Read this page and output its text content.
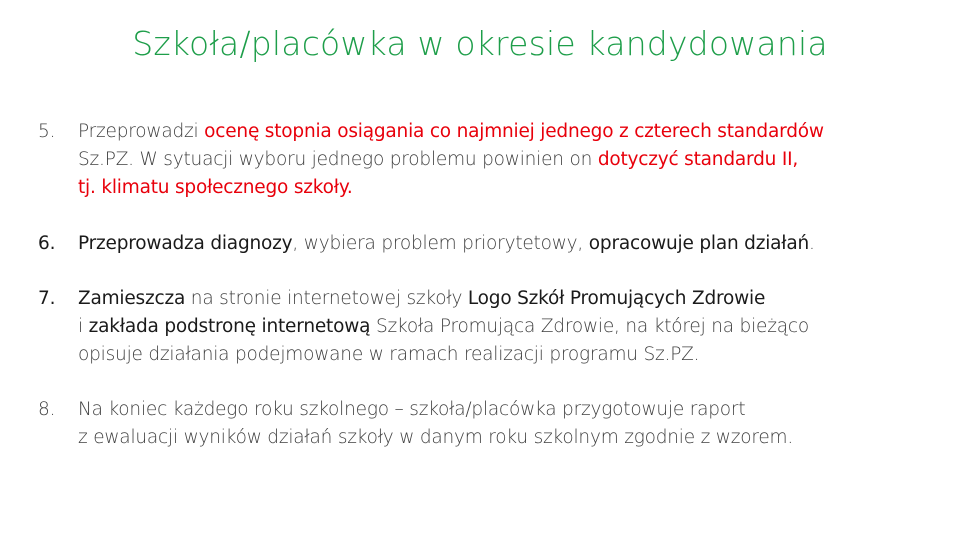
Szkoła/placówka w okresie kandydowania
5.	Przeprowadzi ocenę stopnia osiągania co najmniej jednego z czterech standardów
Sz.PZ. W sytuacji wyboru jednego problemu powinien on dotyczyć standardu II,
tj. klimatu społecznego szkoły.
6.	Przeprowadza diagnozy, wybiera problem priorytetowy, opracowuje plan działań.
7.	Zamieszcza na stronie internetowej szkoły Logo Szkół Promujących Zdrowie
i zakłada podstronę internetową Szkoła Promująca Zdrowie, na której na bieżąco
opisuje działania podejmowane w ramach realizacji programu Sz.PZ.
8.	Na koniec każdego roku szkolnego – szkoła/placówka przygotowuje raport
z ewaluacji wyników działań szkoły w danym roku szkolnym zgodnie z wzorem.
